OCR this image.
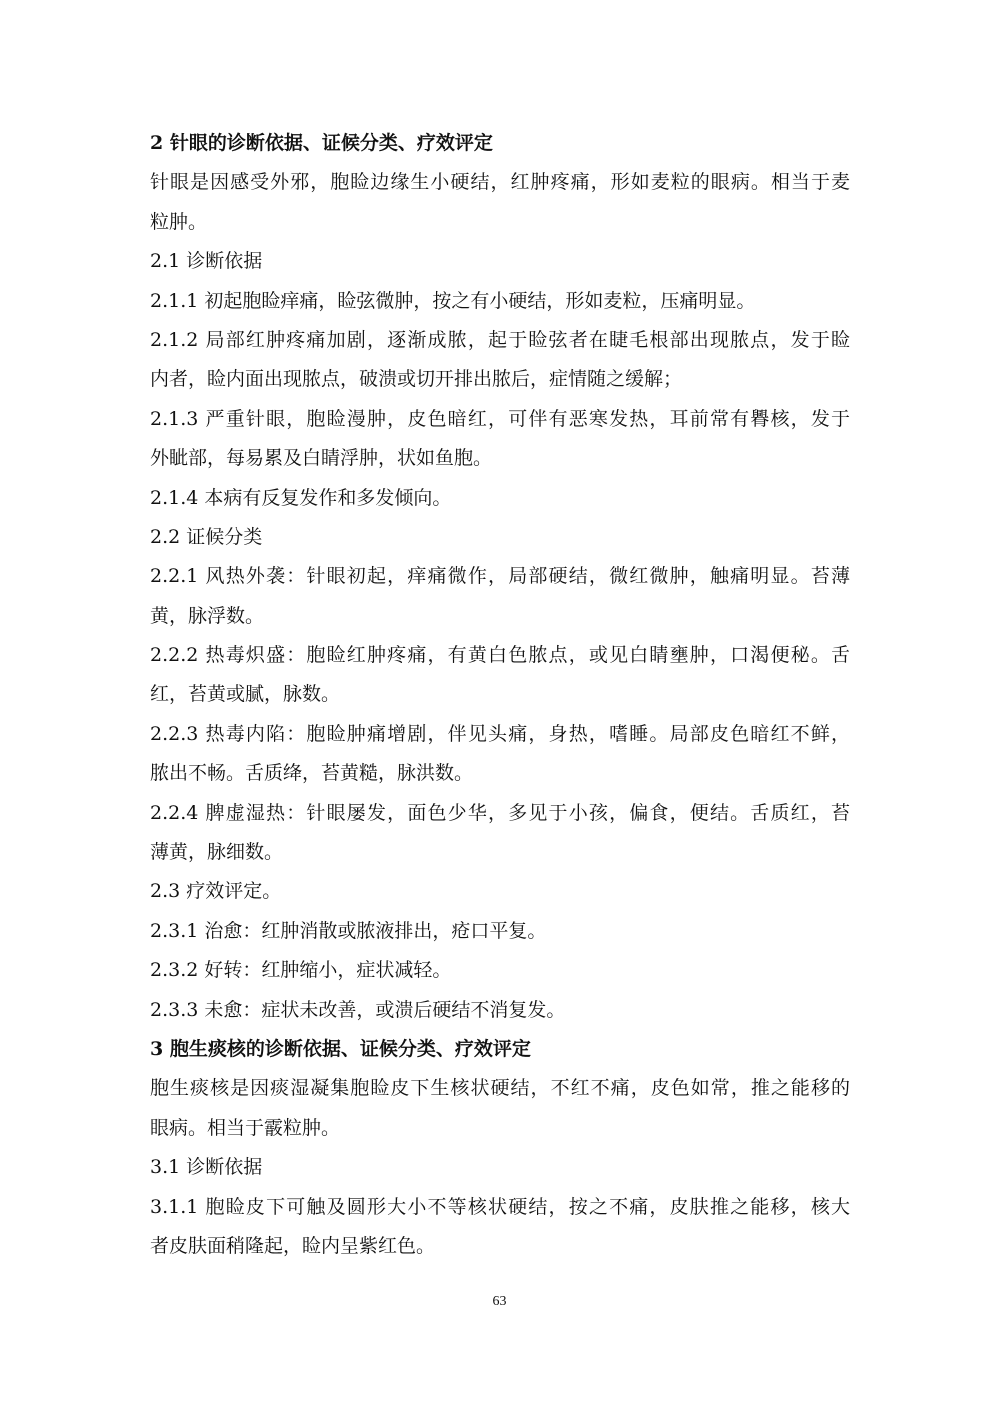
2 针眼的诊断依据、证候分类、疗效评定

针眼是因感受外邪，胞睑边缘生小硬结，红肿疼痛，形如麦粒的眼病。相当于麦

粒肿。

2.1 诊断依据

2.1.1 初起胞睑痒痛，睑弦微肿，按之有小硬结，形如麦粒，压痛明显。

2.1.2 局部红肿疼痛加剧，逐渐成脓，起于睑弦者在睫毛根部出现脓点，发于睑

内者，睑内面出现脓点，破溃或切开排出脓后，症情随之缓解；

2.1.3 严重针眼，胞睑漫肿，皮色暗红，可伴有恶寒发热，耳前常有臖核，发于

外眦部，每易累及白睛浮肿，状如鱼胞。

2.1.4 本病有反复发作和多发倾向。

2.2 证候分类

2.2.1 风热外袭：针眼初起，痒痛微作，局部硬结，微红微肿，触痛明显。苔薄

黄，脉浮数。

2.2.2 热毒炽盛：胞睑红肿疼痛，有黄白色脓点，或见白睛壅肿，口渴便秘。舌

红，苔黄或腻，脉数。

2.2.3 热毒内陷：胞睑肿痛增剧，伴见头痛，身热，嗜睡。局部皮色暗红不鲜，

脓出不畅。舌质绛，苔黄糙，脉洪数。

2.2.4 脾虚湿热：针眼屡发，面色少华，多见于小孩，偏食，便结。舌质红，苔

薄黄，脉细数。

2.3 疗效评定。

2.3.1 治愈：红肿消散或脓液排出，疮口平复。

2.3.2 好转：红肿缩小，症状减轻。

2.3.3 未愈：症状未改善，或溃后硬结不消复发。

3 胞生痰核的诊断依据、证候分类、疗效评定

胞生痰核是因痰湿凝集胞睑皮下生核状硬结，不红不痛，皮色如常，推之能移的

眼病。相当于霰粒肿。

3.1 诊断依据

3.1.1 胞睑皮下可触及圆形大小不等核状硬结，按之不痛，皮肤推之能移，核大

者皮肤面稍隆起，睑内呈紫红色。

63
